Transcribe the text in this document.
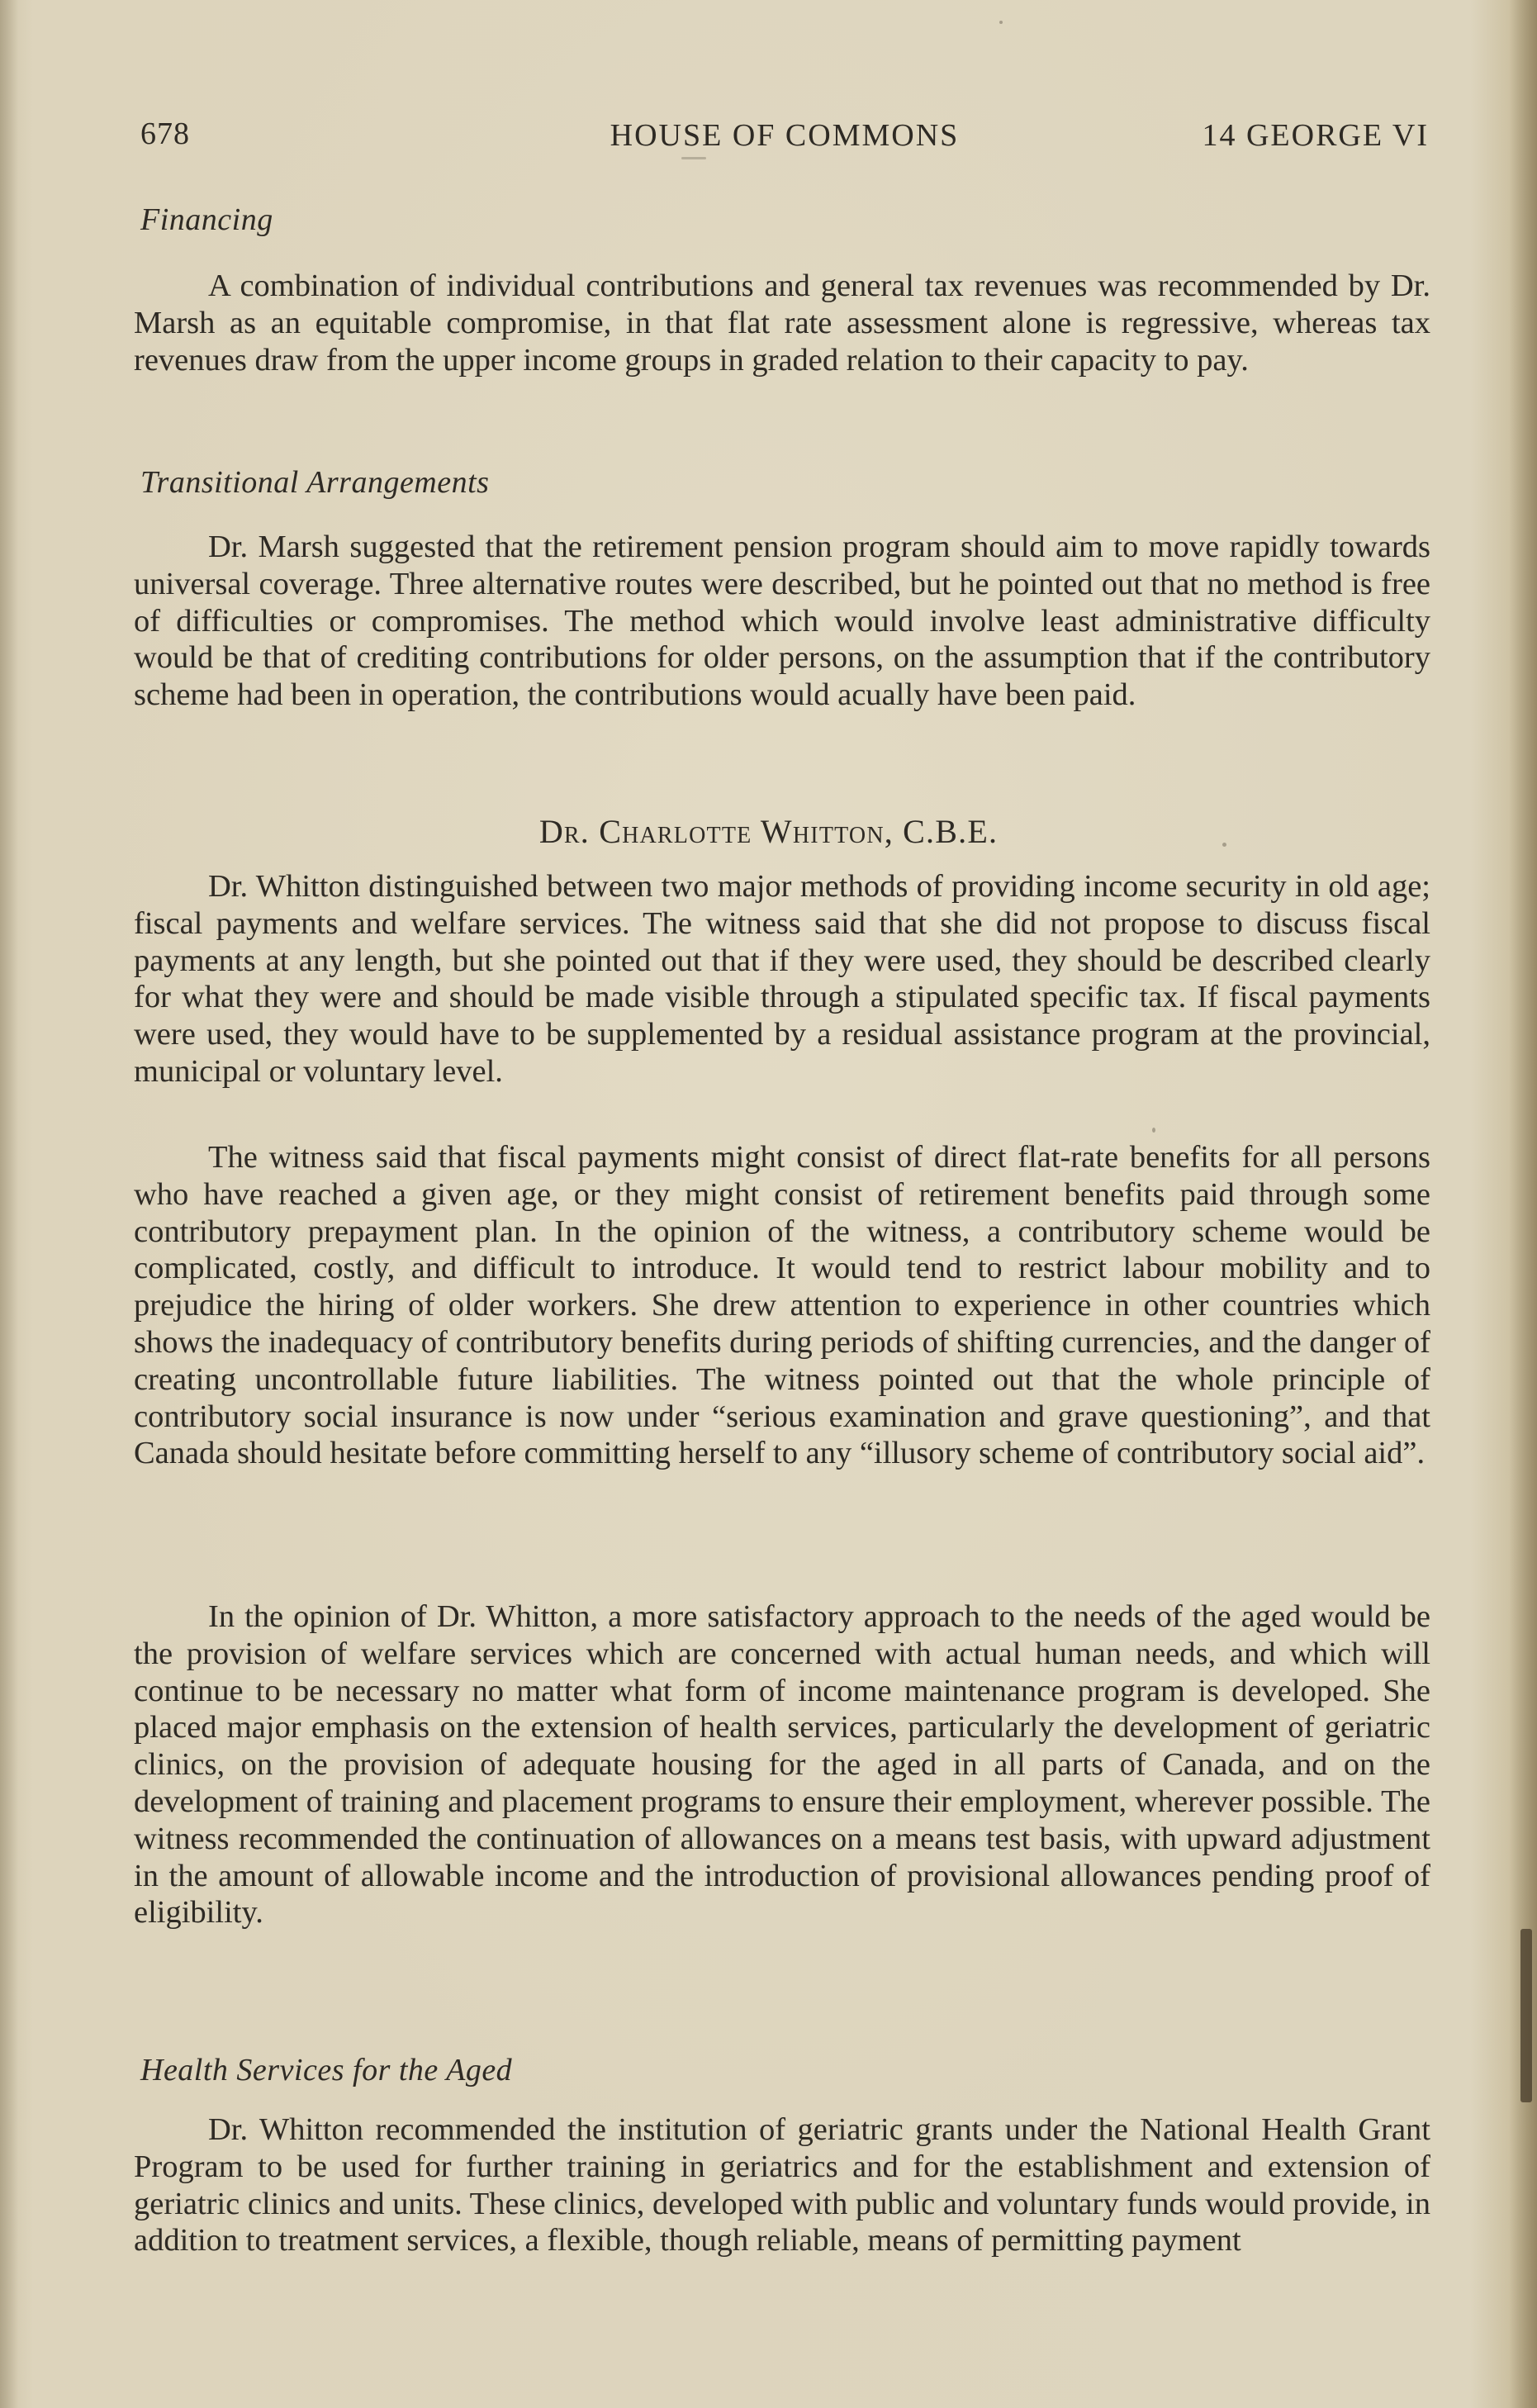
678	HOUSE OF COMMONS	14 GEORGE VI
Financing

A combination of individual contributions and general tax revenues was recommended by Dr. Marsh as an equitable compromise, in that flat rate assessment alone is regressive, whereas tax revenues draw from the upper income groups in graded relation to their capacity to pay.

Transitional Arrangements

Dr. Marsh suggested that the retirement pension program should aim to move rapidly towards universal coverage. Three alternative routes were described, but he pointed out that no method is free of difficulties or compromises. The method which would involve least administrative difficulty would be that of crediting contributions for older persons, on the assumption that if the contributory scheme had been in operation, the contributions would acually have been paid.

Dr. Charlotte Whitton, C.B.E.

Dr. Whitton distinguished between two major methods of providing income security in old age; fiscal payments and welfare services. The witness said that she did not propose to discuss fiscal payments at any length, but she pointed out that if they were used, they should be described clearly for what they were and should be made visible through a stipulated specific tax. If fiscal payments were used, they would have to be supplemented by a residual assistance program at the provincial, municipal or voluntary level.

The witness said that fiscal payments might consist of direct flat-rate benefits for all persons who have reached a given age, or they might consist of retirement benefits paid through some contributory prepayment plan. In the opinion of the witness, a contributory scheme would be complicated, costly, and difficult to introduce. It would tend to restrict labour mobility and to prejudice the hiring of older workers. She drew attention to experience in other countries which shows the inadequacy of contributory benefits during periods of shifting currencies, and the danger of creating uncontrollable future liabilities. The witness pointed out that the whole principle of contributory social insurance is now under “serious examination and grave questioning”, and that Canada should hesitate before committing herself to any “illusory scheme of contributory social aid”.

In the opinion of Dr. Whitton, a more satisfactory approach to the needs of the aged would be the provision of welfare services which are concerned with actual human needs, and which will continue to be necessary no matter what form of income maintenance program is developed. She placed major emphasis on the extension of health services, particularly the development of geriatric clinics, on the provision of adequate housing for the aged in all parts of Canada, and on the development of training and placement programs to ensure their employment, wherever possible. The witness recommended the continuation of allowances on a means test basis, with upward adjustment in the amount of allowable income and the introduction of provisional allowances pending proof of eligibility.

Health Services for the Aged

Dr. Whitton recommended the institution of geriatric grants under the National Health Grant Program to be used for further training in geriatrics and for the establishment and extension of geriatric clinics and units. These clinics, developed with public and voluntary funds would provide, in addition to treatment services, a flexible, though reliable, means of permitting payment
